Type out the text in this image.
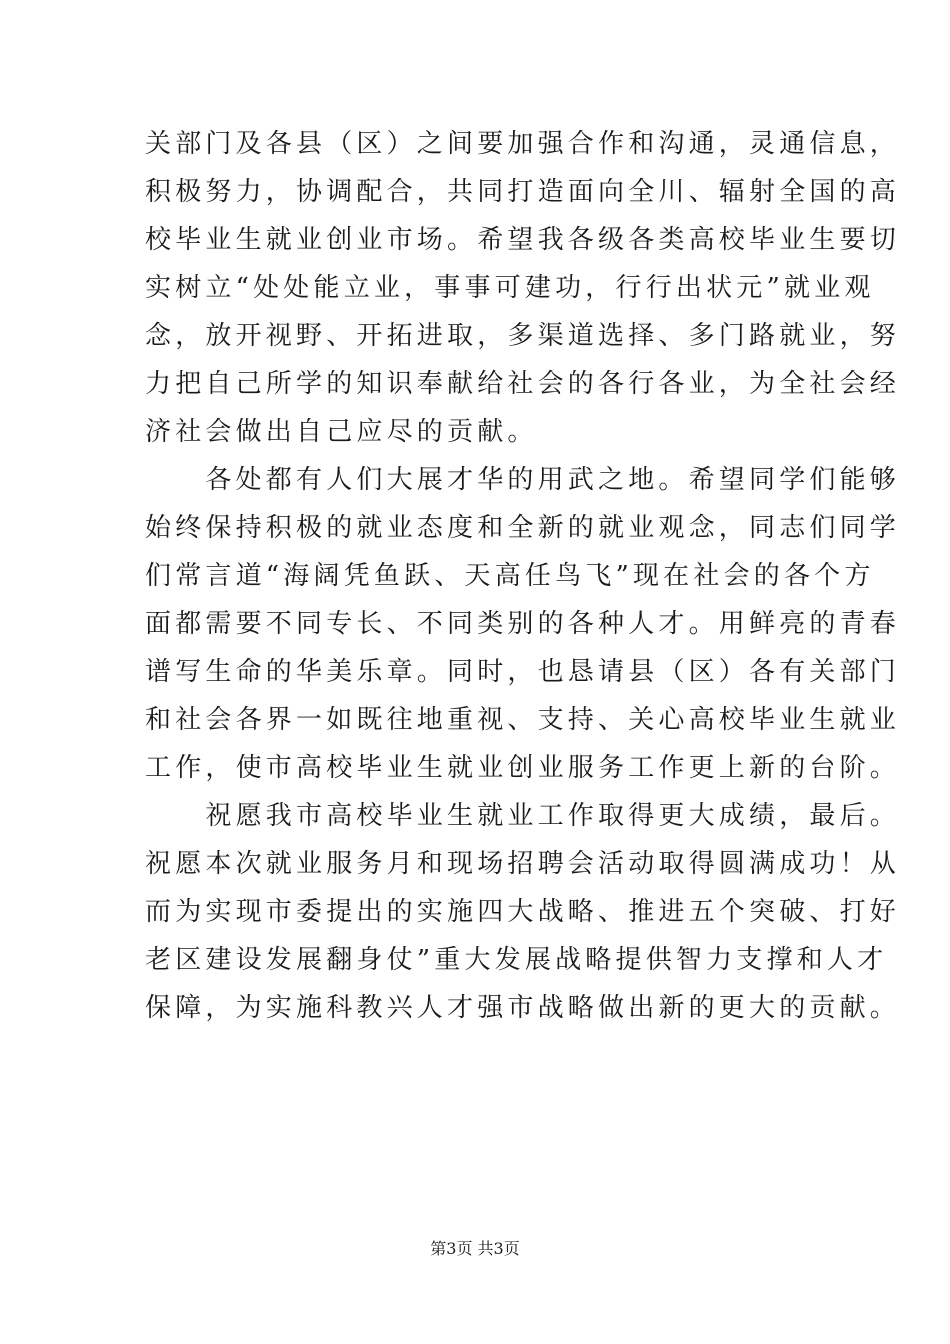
关部门及各县（区）之间要加强合作和沟通，灵通信息，
积极努力，协调配合，共同打造面向全川、辐射全国的高
校毕业生就业创业市场。希望我各级各类高校毕业生要切
实树立“处处能立业，事事可建功，行行出状元”就业观
念，放开视野、开拓进取，多渠道选择、多门路就业，努
力把自己所学的知识奉献给社会的各行各业，为全社会经
济社会做出自己应尽的贡献。
　　各处都有人们大展才华的用武之地。希望同学们能够
始终保持积极的就业态度和全新的就业观念，同志们同学
们常言道“海阔凭鱼跃、天高任鸟飞”现在社会的各个方
面都需要不同专长、不同类别的各种人才。用鲜亮的青春
谱写生命的华美乐章。同时，也恳请县（区）各有关部门
和社会各界一如既往地重视、支持、关心高校毕业生就业
工作，使市高校毕业生就业创业服务工作更上新的台阶。
　　祝愿我市高校毕业生就业工作取得更大成绩，最后。
祝愿本次就业服务月和现场招聘会活动取得圆满成功！从
而为实现市委提出的实施四大战略、推进五个突破、打好
老区建设发展翻身仗”重大发展战略提供智力支撑和人才
保障，为实施科教兴人才强市战略做出新的更大的贡献。
第3页 共3页
